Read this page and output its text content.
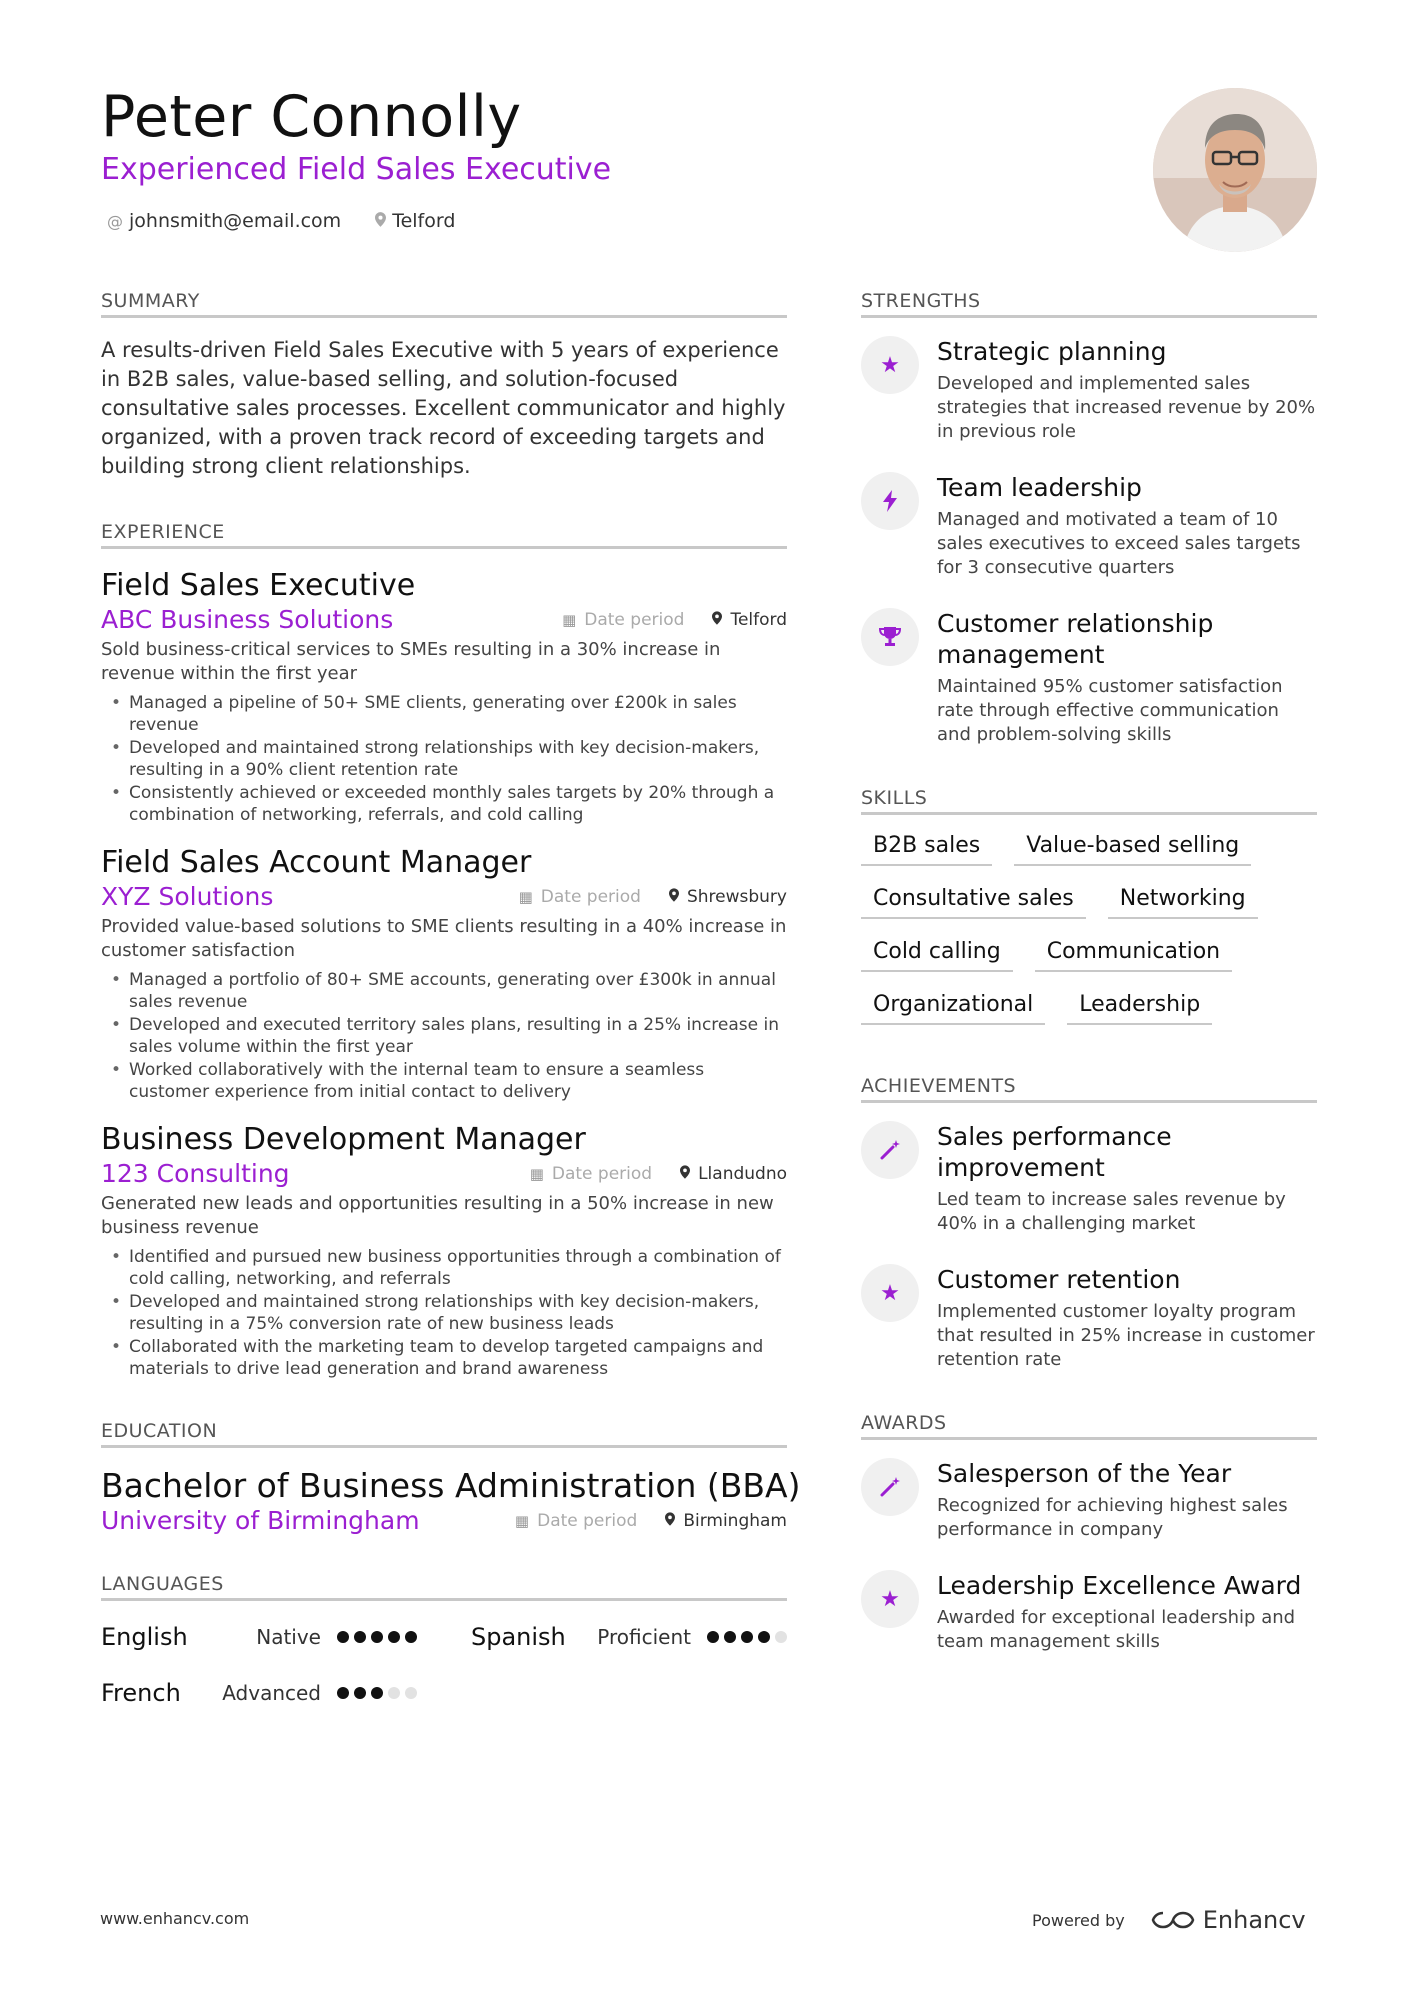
Peter Connolly
Experienced Field Sales Executive
@ johnsmith@email.com	Telford
SUMMARY

A results-driven Field Sales Executive with 5 years of experience in B2B sales, value-based selling, and solution-focused consultative sales processes. Excellent communicator and highly organized, with a proven track record of exceeding targets and building strong client relationships.

EXPERIENCE
Field Sales Executive
ABC Business Solutions	▦ Date period	Telford
Sold business-critical services to SMEs resulting in a 30% increase in revenue within the first year
• Managed a pipeline of 50+ SME clients, generating over £200k in sales revenue
• Developed and maintained strong relationships with key decision-makers, resulting in a 90% client retention rate
• Consistently achieved or exceeded monthly sales targets by 20% through a combination of networking, referrals, and cold calling
Field Sales Account Manager
XYZ Solutions	▦ Date period	Shrewsbury
Provided value-based solutions to SME clients resulting in a 40% increase in customer satisfaction
• Managed a portfolio of 80+ SME accounts, generating over £300k in annual sales revenue
• Developed and executed territory sales plans, resulting in a 25% increase in sales volume within the first year
• Worked collaboratively with the internal team to ensure a seamless customer experience from initial contact to delivery
Business Development Manager
123 Consulting	▦ Date period	Llandudno
Generated new leads and opportunities resulting in a 50% increase in new business revenue
• Identified and pursued new business opportunities through a combination of cold calling, networking, and referrals
• Developed and maintained strong relationships with key decision-makers, resulting in a 75% conversion rate of new business leads
• Collaborated with the marketing team to develop targeted campaigns and materials to drive lead generation and brand awareness
EDUCATION
Bachelor of Business Administration (BBA)
University of Birmingham	▦ Date period	Birmingham
LANGUAGES
English	Native	Spanish	Proficient
French	Advanced
STRENGTHS
★	Strategic planning
Developed and implemented sales strategies that increased revenue by 20% in previous role
Team leadership
Managed and motivated a team of 10 sales executives to exceed sales targets for 3 consecutive quarters
Customer relationship management
Maintained 95% customer satisfaction rate through effective communication and problem-solving skills
SKILLS
B2B sales	Value-based selling
Consultative sales	Networking
Cold calling	Communication
Organizational	Leadership
ACHIEVEMENTS
Sales performance improvement
Led team to increase sales revenue by 40% in a challenging market
★	Customer retention
Implemented customer loyalty program that resulted in 25% increase in customer retention rate
AWARDS
Salesperson of the Year
Recognized for achieving highest sales performance in company
★	Leadership Excellence Award
Awarded for exceptional leadership and team management skills
www.enhancv.com	Powered by	Enhancv
